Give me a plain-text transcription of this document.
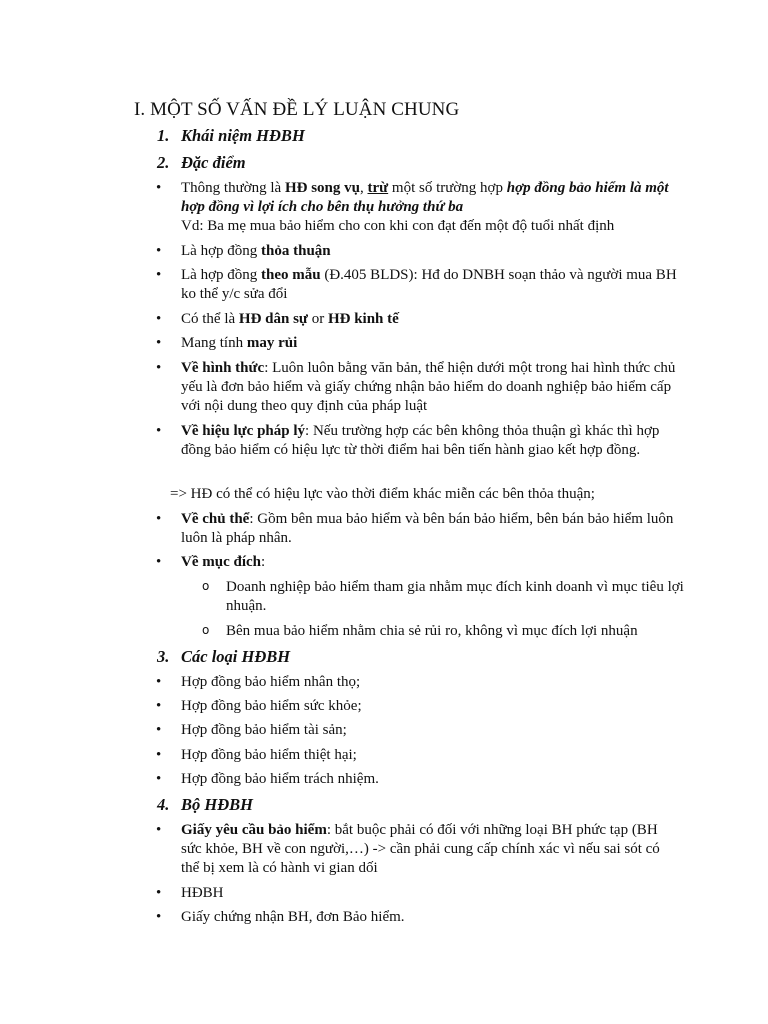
I. MỘT SỐ VẤN ĐỀ LÝ LUẬN CHUNG
1. Khái niệm HĐBH
2. Đặc điểm
• Thông thường là HĐ song vụ, trừ một số trường hợp hợp đồng bảo hiểm là một hợp đồng vì lợi ích cho bên thụ hưởng thứ ba
Vd: Ba mẹ mua bảo hiểm cho con khi con đạt đến một độ tuổi nhất định
• Là hợp đồng thỏa thuận
• Là hợp đồng theo mẫu (Đ.405 BLDS): Hđ do DNBH soạn thảo và người mua BH ko thể y/c sửa đổi
• Có thể là HĐ dân sự or HĐ kinh tế
• Mang tính may rủi
• Về hình thức: Luôn luôn bằng văn bản, thể hiện dưới một trong hai hình thức chủ yếu là đơn bảo hiểm và giấy chứng nhận bảo hiểm do doanh nghiệp bảo hiểm cấp với nội dung theo quy định của pháp luật
• Về hiệu lực pháp lý: Nếu trường hợp các bên không thỏa thuận gì khác thì hợp đồng bảo hiểm có hiệu lực từ thời điểm hai bên tiến hành giao kết hợp đồng.
=> HĐ có thể có hiệu lực vào thời điểm khác miễn các bên thỏa thuận;
• Về chủ thể: Gồm bên mua bảo hiểm và bên bán bảo hiểm, bên bán bảo hiểm luôn luôn là pháp nhân.
• Về mục đích:
o Doanh nghiệp bảo hiểm tham gia nhằm mục đích kinh doanh vì mục tiêu lợi nhuận.
o Bên mua bảo hiểm nhằm chia sẻ rủi ro, không vì mục đích lợi nhuận
3. Các loại HĐBH
• Hợp đồng bảo hiểm nhân thọ;
• Hợp đồng bảo hiểm sức khỏe;
• Hợp đồng bảo hiểm tài sản;
• Hợp đồng bảo hiểm thiệt hại;
• Hợp đồng bảo hiểm trách nhiệm.
4. Bộ HĐBH
• Giấy yêu cầu bảo hiểm: bắt buộc phải có đối với những loại BH phức tạp (BH sức khỏe, BH về con người,…) -> cần phải cung cấp chính xác vì nếu sai sót có thể bị xem là có hành vi gian dối
• HĐBH
• Giấy chứng nhận BH, đơn Bảo hiểm.
